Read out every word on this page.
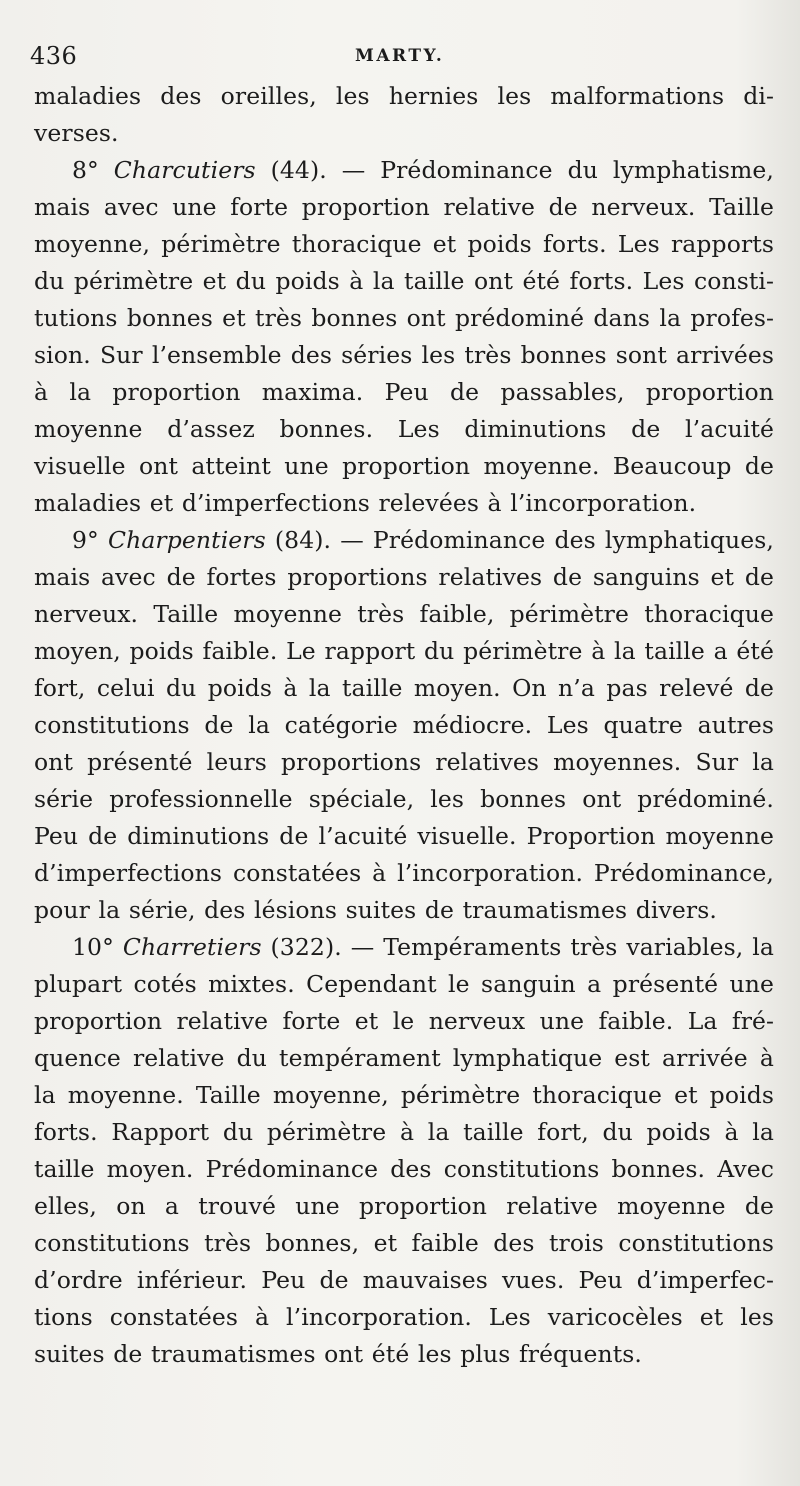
436	MARTY.

maladies des oreilles, les hernies les malformations diverses.

8° Charcutiers (44). — Prédominance du lymphatisme, mais avec une forte proportion relative de nerveux. Taille moyenne, périmètre thoracique et poids forts. Les rapports du périmètre et du poids à la taille ont été forts. Les constitutions bonnes et très bonnes ont prédominé dans la profession. Sur l’ensemble des séries les très bonnes sont arrivées à la proportion maxima. Peu de passables, proportion moyenne d’assez bonnes. Les diminutions de l’acuité visuelle ont atteint une proportion moyenne. Beaucoup de maladies et d’imperfections relevées à l’incorporation.

9° Charpentiers (84). — Prédominance des lymphatiques, mais avec de fortes proportions relatives de sanguins et de nerveux. Taille moyenne très faible, périmètre thoracique moyen, poids faible. Le rapport du périmètre à la taille a été fort, celui du poids à la taille moyen. On n’a pas relevé de constitutions de la catégorie médiocre. Les quatre autres ont présenté leurs proportions relatives moyennes. Sur la série professionnelle spéciale, les bonnes ont prédominé. Peu de diminutions de l’acuité visuelle. Proportion moyenne d’imperfections constatées à l’incorporation. Prédominance, pour la série, des lésions suites de traumatismes divers.

10° Charretiers (322). — Tempéraments très variables, la plupart cotés mixtes. Cependant le sanguin a présenté une proportion relative forte et le nerveux une faible. La fréquence relative du tempérament lymphatique est arrivée à la moyenne. Taille moyenne, périmètre thoracique et poids forts. Rapport du périmètre à la taille fort, du poids à la taille moyen. Prédominance des constitutions bonnes. Avec elles, on a trouvé une proportion relative moyenne de constitutions très bonnes, et faible des trois constitutions d’ordre inférieur. Peu de mauvaises vues. Peu d’imperfections constatées à l’incorporation. Les varicocèles et les suites de traumatismes ont été les plus fréquents.
